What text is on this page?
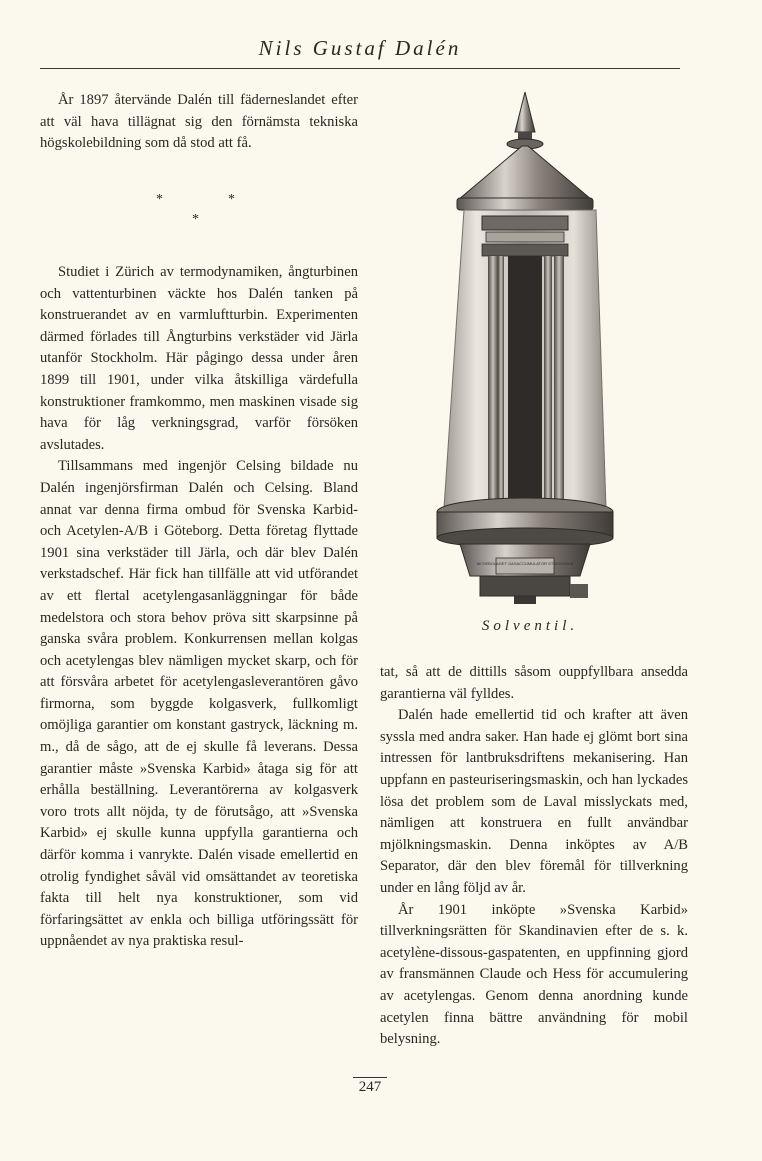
Nils Gustaf Dalén

År 1897 återvände Dalén till fäderneslandet efter att väl hava tillägnat sig den förnämsta tekniska högskolebildning som då stod att få.

*	*
*

Studiet i Zürich av termodynamiken, ångturbinen och vattenturbinen väckte hos Dalén tanken på konstruerandet av en varmluftturbin. Experimenten därmed förlades till Ångturbins verkstäder vid Järla utanför Stockholm. Här pågingo dessa under åren 1899 till 1901, under vilka åtskilliga värdefulla konstruktioner framkommo, men maskinen visade sig hava för låg verkningsgrad, varför försöken avslutades.

Tillsammans med ingenjör Celsing bildade nu Dalén ingenjörsfirman Dalén och Celsing. Bland annat var denna firma ombud för Svenska Karbid- och Acetylen-A/B i Göteborg. Detta företag flyttade 1901 sina verkstäder till Järla, och där blev Dalén verkstadschef. Här fick han tillfälle att vid utförandet av ett flertal acetylengasanläggningar för både medelstora och stora behov pröva sitt skarpsinne på ganska svåra problem. Konkurrensen mellan kolgas och acetylengas blev nämligen mycket skarp, och för att försvåra arbetet för acetylengasleverantören gåvo firmorna, som byggde kolgasverk, fullkomligt omöjliga garantier om konstant gastryck, läckning m. m., då de sågo, att de ej skulle få leverans. Dessa garantier måste »Svenska Karbid» åtaga sig för att erhålla beställning. Leverantörerna av kolgasverk voro trots allt nöjda, ty de förutsågo, att »Svenska Karbid» ej skulle kunna uppfylla garantierna och därför komma i vanrykte. Dalén visade emellertid en otrolig fyndighet såväl vid omsättandet av teoretiska fakta till helt nya konstruktioner, som vid förfaringsättet av enkla och billiga utföringssätt för uppnåendet av nya praktiska resul-

AKTIEBOLAGET GASACCUMULATOR STOCKHOLM
Solventil.

tat, så att de dittills såsom ouppfyllbara ansedda garantierna väl fylldes.

Dalén hade emellertid tid och krafter att även syssla med andra saker. Han hade ej glömt bort sina intressen för lantbruksdriftens mekanisering. Han uppfann en pasteuriseringsmaskin, och han lyckades lösa det problem som de Laval misslyckats med, nämligen att konstruera en fullt användbar mjölkningsmaskin. Denna inköptes av A/B Separator, där den blev föremål för tillverkning under en lång följd av år.

År 1901 inköpte »Svenska Karbid» tillverkningsrätten för Skandinavien efter de s. k. acetylène-dissous-gaspatenten, en uppfinning gjord av fransmännen Claude och Hess för accumulering av acetylengas. Genom denna anordning kunde acetylen finna bättre användning för mobil belysning.

247
